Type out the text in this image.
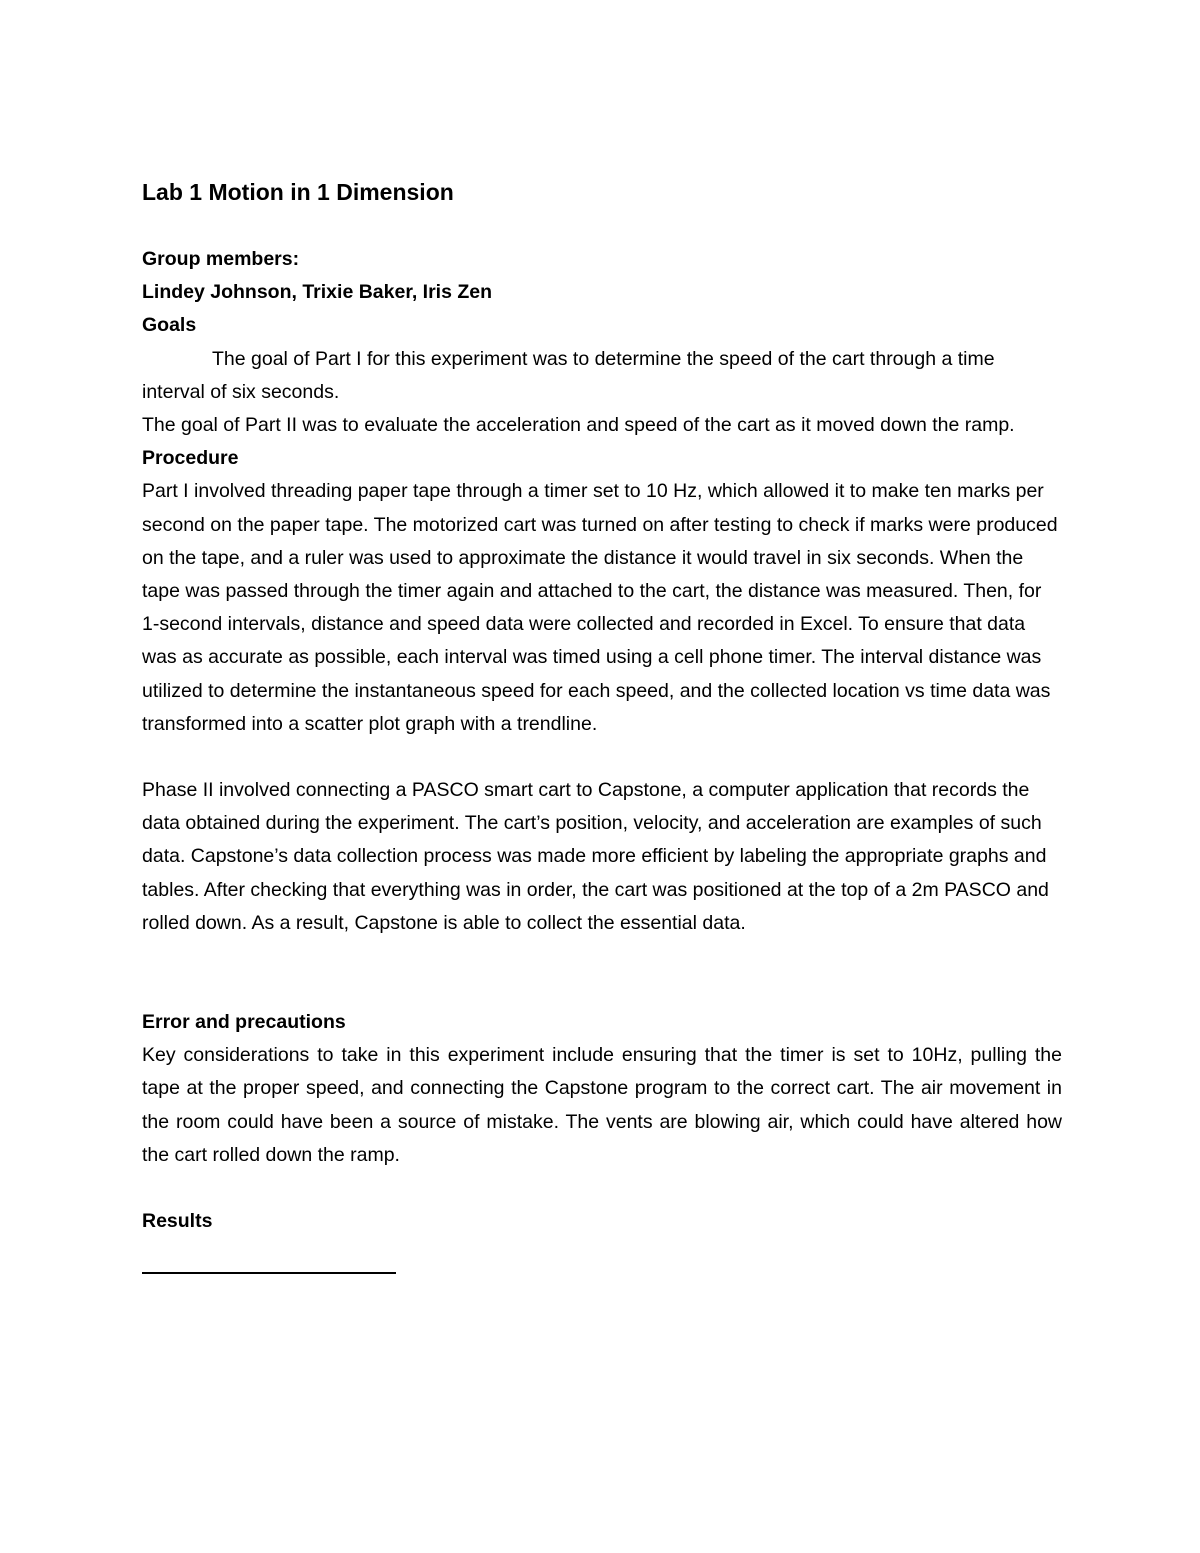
Lab 1 Motion in 1 Dimension

Group members:

Lindey Johnson, Trixie Baker, Iris Zen

Goals

The goal of Part I for this experiment was to determine the speed of the cart through a time interval of six seconds.

The goal of Part II was to evaluate the acceleration and speed of the cart as it moved down the ramp.

Procedure

Part I involved threading paper tape through a timer set to 10 Hz, which allowed it to make ten marks per second on the paper tape. The motorized cart was turned on after testing to check if marks were produced on the tape, and a ruler was used to approximate the distance it would travel in six seconds. When the tape was passed through the timer again and attached to the cart, the distance was measured. Then, for 1-second intervals, distance and speed data were collected and recorded in Excel. To ensure that data was as accurate as possible, each interval was timed using a cell phone timer. The interval distance was utilized to determine the instantaneous speed for each speed, and the collected location vs time data was transformed into a scatter plot graph with a trendline.

Phase II involved connecting a PASCO smart cart to Capstone, a computer application that records the data obtained during the experiment. The cart’s position, velocity, and acceleration are examples of such data. Capstone’s data collection process was made more efficient by labeling the appropriate graphs and tables. After checking that everything was in order, the cart was positioned at the top of a 2m PASCO and rolled down. As a result, Capstone is able to collect the essential data.

Error and precautions

Key considerations to take in this experiment include ensuring that the timer is set to 10Hz, pulling the tape at the proper speed, and connecting the Capstone program to the correct cart. The air movement in the room could have been a source of mistake. The vents are blowing air, which could have altered how the cart rolled down the ramp.

Results
